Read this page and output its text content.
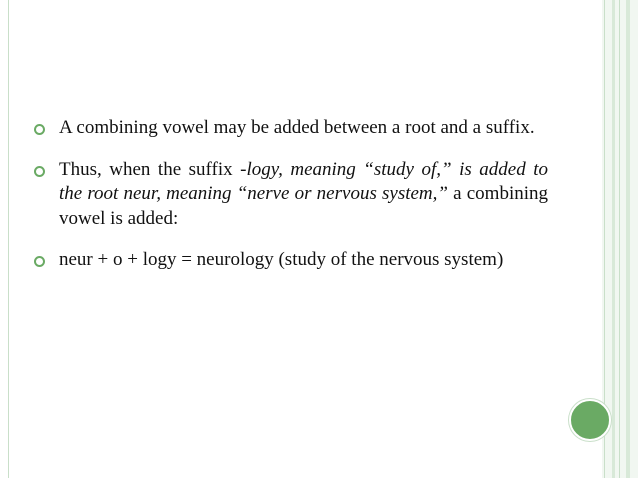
A combining vowel may be added between a root and a suffix.
Thus, when the suffix -logy, meaning “study of,” is added to the root neur, meaning “nerve or nervous system,” a combining vowel is added:
neur + o + logy = neurology (study of the nervous system)
